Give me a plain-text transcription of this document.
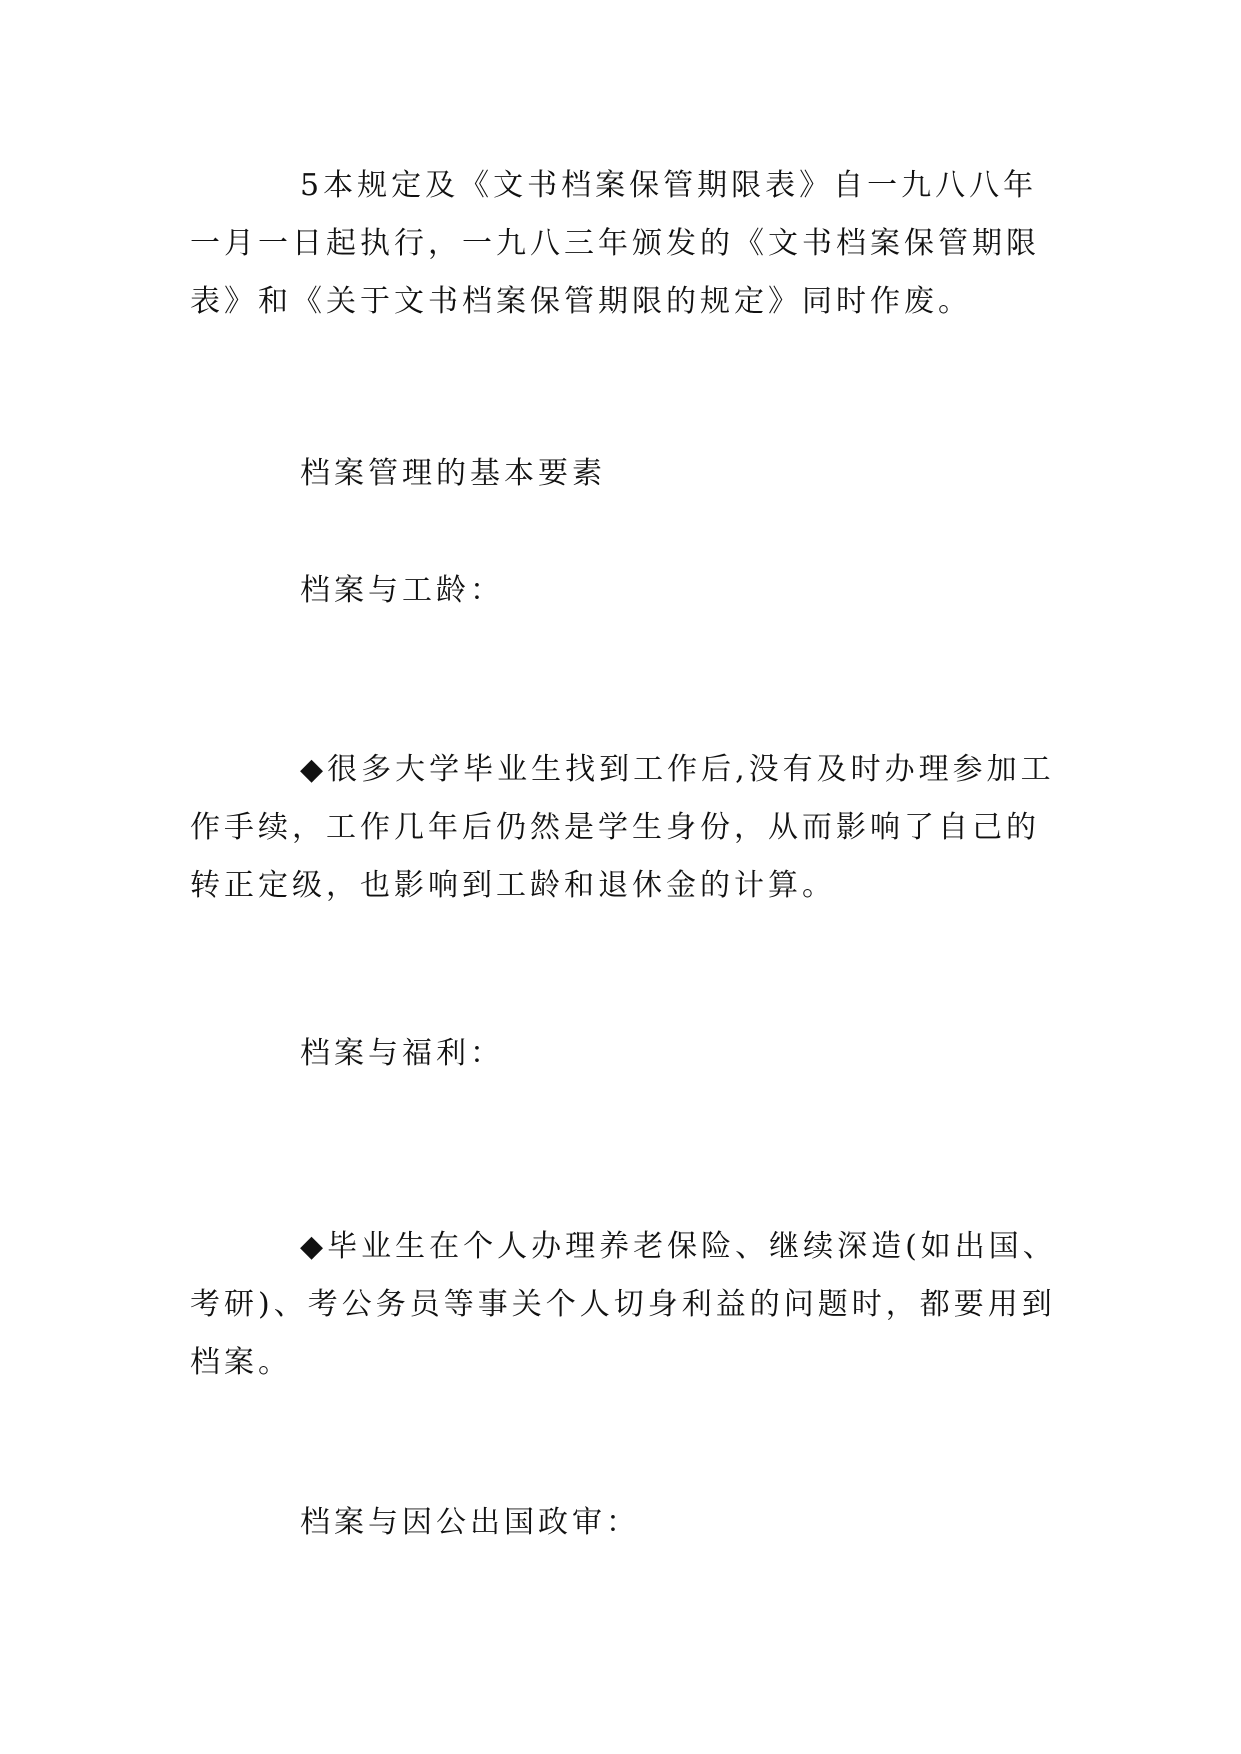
5本规定及《文书档案保管期限表》自一九八八年一月一日起执行，一九八三年颁发的《文书档案保管期限表》和《关于文书档案保管期限的规定》同时作废。

档案管理的基本要素

档案与工龄：

◆很多大学毕业生找到工作后,没有及时办理参加工作手续，工作几年后仍然是学生身份，从而影响了自己的转正定级，也影响到工龄和退休金的计算。

档案与福利：

◆毕业生在个人办理养老保险、继续深造(如出国、考研)、考公务员等事关个人切身利益的问题时，都要用到档案。

档案与因公出国政审：
